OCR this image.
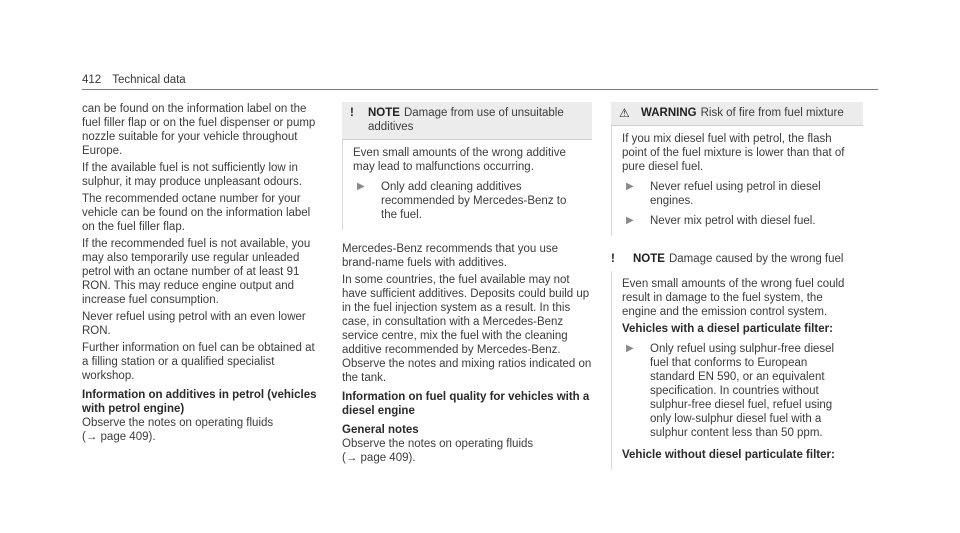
412 Technical data

can be found on the information label on the fuel filler flap or on the fuel dispenser or pump nozzle suitable for your vehicle throughout Europe.

If the available fuel is not sufficiently low in sulphur, it may produce unpleasant odours.

The recommended octane number for your vehicle can be found on the information label on the fuel filler flap.

If the recommended fuel is not available, you may also temporarily use regular unleaded petrol with an octane number of at least 91 RON. This may reduce engine output and increase fuel consumption.

Never refuel using petrol with an even lower RON.

Further information on fuel can be obtained at a filling station or a qualified specialist workshop.

Information on additives in petrol (vehicles with petrol engine)

Observe the notes on operating fluids

(→ page 409).

!	NOTE Damage from use of unsuitable additives

Even small amounts of the wrong additive may lead to malfunctions occurring.

▶	Only add cleaning additives recommended by Mercedes-Benz to the fuel.

Mercedes-Benz recommends that you use brand-name fuels with additives.

In some countries, the fuel available may not have sufficient additives. Deposits could build up in the fuel injection system as a result. In this case, in consultation with a Mercedes-Benz service centre, mix the fuel with the cleaning additive recommended by Mercedes-Benz. Observe the notes and mixing ratios indicated on the tank.

Information on fuel quality for vehicles with a diesel engine

General notes

Observe the notes on operating fluids

(→ page 409).

⚠ WARNING Risk of fire from fuel mixture

If you mix diesel fuel with petrol, the flash point of the fuel mixture is lower than that of pure diesel fuel.

▶	Never refuel using petrol in diesel engines.
▶	Never mix petrol with diesel fuel.
!	NOTE Damage caused by the wrong fuel

Even small amounts of the wrong fuel could result in damage to the fuel system, the engine and the emission control system.

Vehicles with a diesel particulate filter:

▶	Only refuel using sulphur-free diesel fuel that conforms to European standard EN 590, or an equivalent specification. In countries without sulphur-free diesel fuel, refuel using only low-sulphur diesel fuel with a sulphur content less than 50 ppm.

Vehicle without diesel particulate filter:
